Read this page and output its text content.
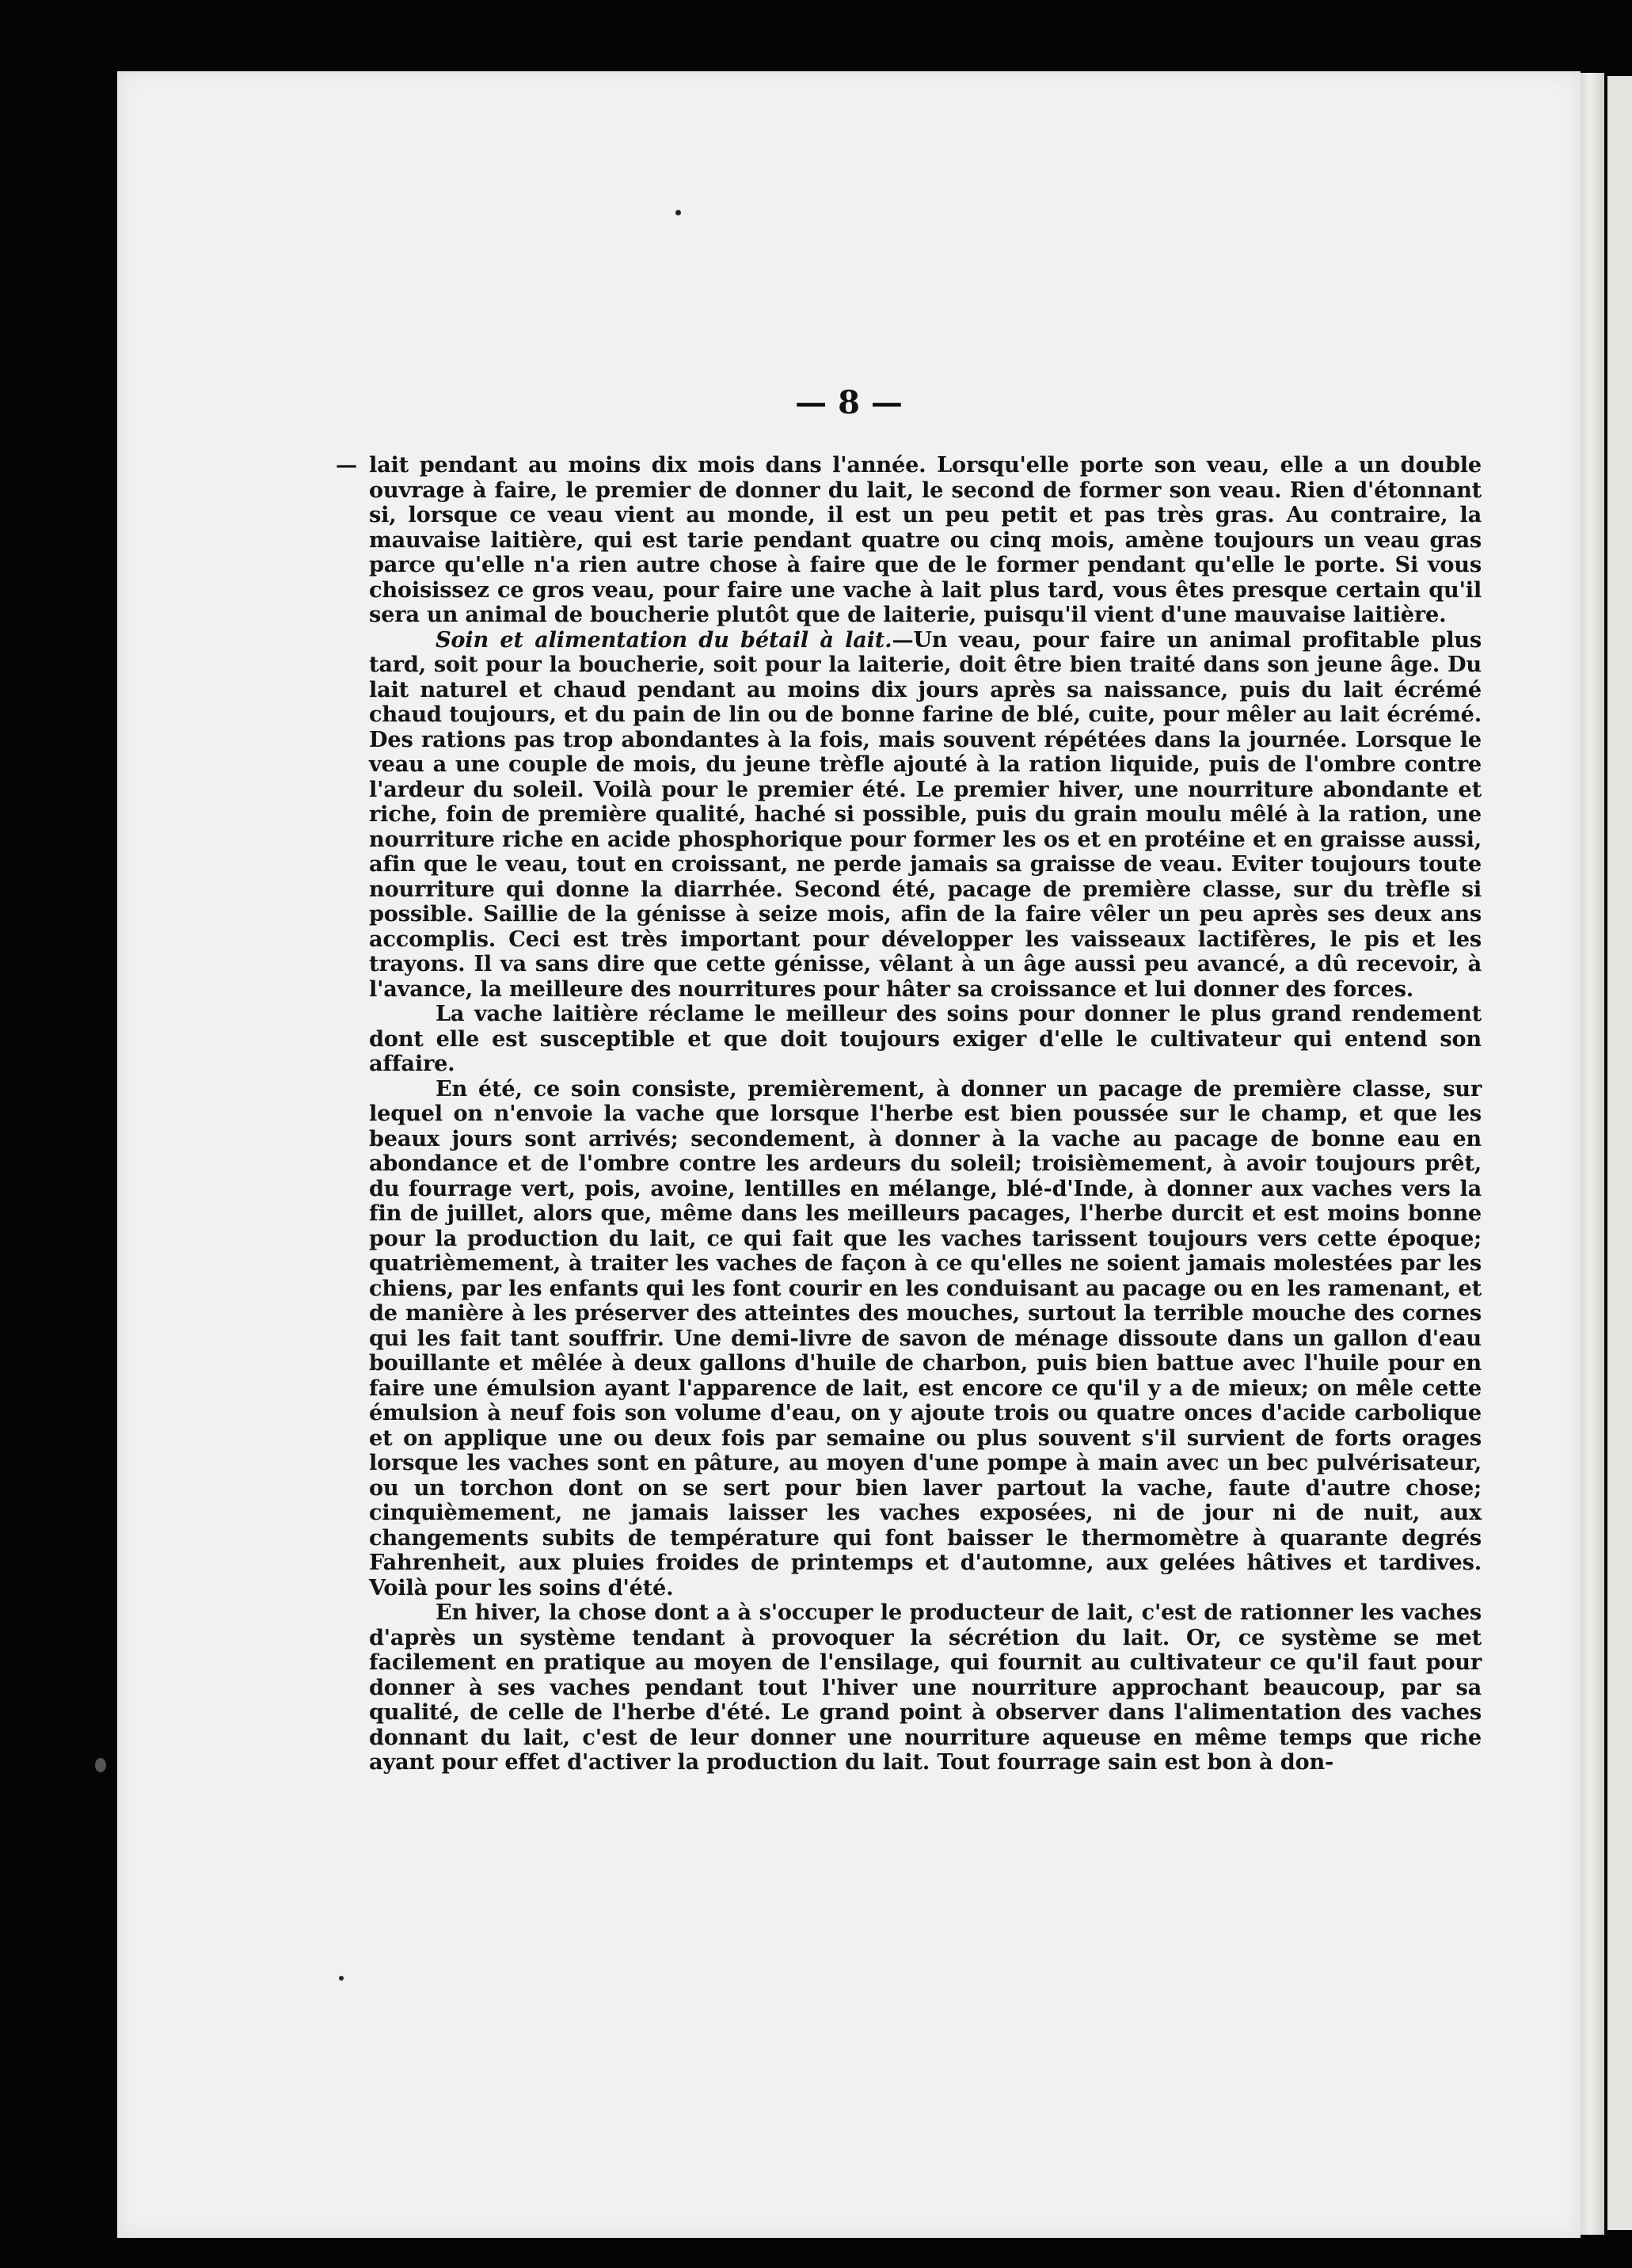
— 8 —

— lait pendant au moins dix mois dans l'année. Lorsqu'elle porte son veau, elle a un double ouvrage à faire, le premier de donner du lait, le second de former son veau. Rien d'étonnant si, lorsque ce veau vient au monde, il est un peu petit et pas très gras. Au contraire, la mauvaise laitière, qui est tarie pendant quatre ou cinq mois, amène toujours un veau gras parce qu'elle n'a rien autre chose à faire que de le former pendant qu'elle le porte. Si vous choisissez ce gros veau, pour faire une vache à lait plus tard, vous êtes presque certain qu'il sera un animal de boucherie plutôt que de laiterie, puisqu'il vient d'une mauvaise laitière.

Soin et alimentation du bétail à lait.—Un veau, pour faire un animal profitable plus tard, soit pour la boucherie, soit pour la laiterie, doit être bien traité dans son jeune âge. Du lait naturel et chaud pendant au moins dix jours après sa naissance, puis du lait écrémé chaud toujours, et du pain de lin ou de bonne farine de blé, cuite, pour mêler au lait écrémé. Des rations pas trop abondantes à la fois, mais souvent répétées dans la journée. Lorsque le veau a une couple de mois, du jeune trèfle ajouté à la ration liquide, puis de l'ombre contre l'ardeur du soleil. Voilà pour le premier été. Le premier hiver, une nourriture abondante et riche, foin de première qualité, haché si possible, puis du grain moulu mêlé à la ration, une nourriture riche en acide phosphorique pour former les os et en protéine et en graisse aussi, afin que le veau, tout en croissant, ne perde jamais sa graisse de veau. Eviter toujours toute nourriture qui donne la diarrhée. Second été, pacage de première classe, sur du trèfle si possible. Saillie de la génisse à seize mois, afin de la faire vêler un peu après ses deux ans accomplis. Ceci est très important pour développer les vaisseaux lactifères, le pis et les trayons. Il va sans dire que cette génisse, vêlant à un âge aussi peu avancé, a dû recevoir, à l'avance, la meilleure des nourritures pour hâter sa croissance et lui donner des forces.

La vache laitière réclame le meilleur des soins pour donner le plus grand rendement dont elle est susceptible et que doit toujours exiger d'elle le cultivateur qui entend son affaire.

En été, ce soin consiste, premièrement, à donner un pacage de première classe, sur lequel on n'envoie la vache que lorsque l'herbe est bien poussée sur le champ, et que les beaux jours sont arrivés; secondement, à donner à la vache au pacage de bonne eau en abondance et de l'ombre contre les ardeurs du soleil; troisièmement, à avoir toujours prêt, du fourrage vert, pois, avoine, lentilles en mélange, blé-d'Inde, à donner aux vaches vers la fin de juillet, alors que, même dans les meilleurs pacages, l'herbe durcit et est moins bonne pour la production du lait, ce qui fait que les vaches tarissent toujours vers cette époque; quatrièmement, à traiter les vaches de façon à ce qu'elles ne soient jamais molestées par les chiens, par les enfants qui les font courir en les conduisant au pacage ou en les ramenant, et de manière à les préserver des atteintes des mouches, surtout la terrible mouche des cornes qui les fait tant souffrir. Une demi-livre de savon de ménage dissoute dans un gallon d'eau bouillante et mêlée à deux gallons d'huile de charbon, puis bien battue avec l'huile pour en faire une émulsion ayant l'apparence de lait, est encore ce qu'il y a de mieux; on mêle cette émulsion à neuf fois son volume d'eau, on y ajoute trois ou quatre onces d'acide carbolique et on applique une ou deux fois par semaine ou plus souvent s'il survient de forts orages lorsque les vaches sont en pâture, au moyen d'une pompe à main avec un bec pulvérisateur, ou un torchon dont on se sert pour bien laver partout la vache, faute d'autre chose; cinquièmement, ne jamais laisser les vaches exposées, ni de jour ni de nuit, aux changements subits de température qui font baisser le thermomètre à quarante degrés Fahrenheit, aux pluies froides de printemps et d'automne, aux gelées hâtives et tardives. Voilà pour les soins d'été.

En hiver, la chose dont a à s'occuper le producteur de lait, c'est de rationner les vaches d'après un système tendant à provoquer la sécrétion du lait. Or, ce système se met facilement en pratique au moyen de l'ensilage, qui fournit au cultivateur ce qu'il faut pour donner à ses vaches pendant tout l'hiver une nourriture approchant beaucoup, par sa qualité, de celle de l'herbe d'été. Le grand point à observer dans l'alimentation des vaches donnant du lait, c'est de leur donner une nourriture aqueuse en même temps que riche ayant pour effet d'activer la production du lait. Tout fourrage sain est bon à don-
